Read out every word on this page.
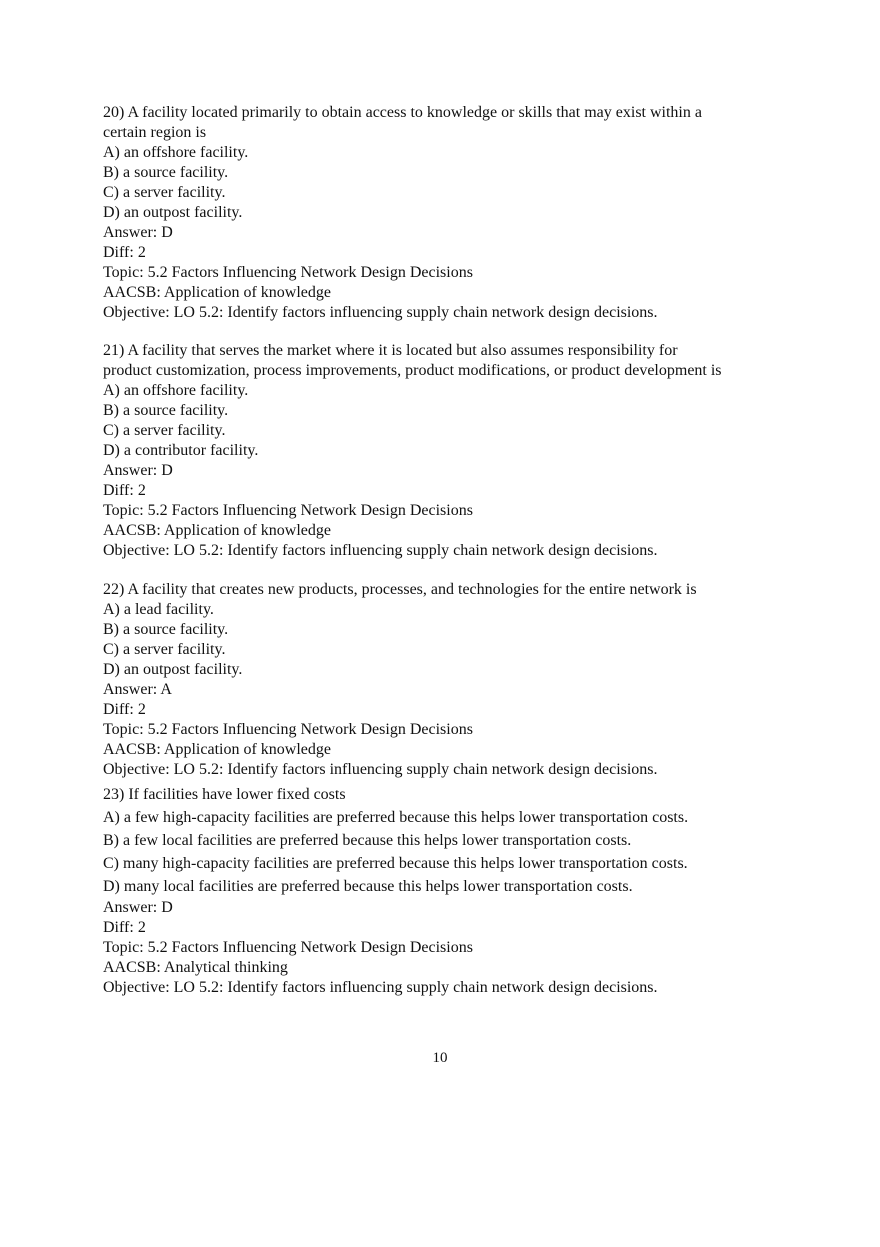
20) A facility located primarily to obtain access to knowledge or skills that may exist within a
certain region is
A) an offshore facility.
B) a source facility.
C) a server facility.
D) an outpost facility.
Answer: D
Diff: 2
Topic: 5.2 Factors Influencing Network Design Decisions
AACSB: Application of knowledge
Objective: LO 5.2: Identify factors influencing supply chain network design decisions.
21) A facility that serves the market where it is located but also assumes responsibility for
product customization, process improvements, product modifications, or product development is
A) an offshore facility.
B) a source facility.
C) a server facility.
D) a contributor facility.
Answer: D
Diff: 2
Topic: 5.2 Factors Influencing Network Design Decisions
AACSB: Application of knowledge
Objective: LO 5.2: Identify factors influencing supply chain network design decisions.
22) A facility that creates new products, processes, and technologies for the entire network is
A) a lead facility.
B) a source facility.
C) a server facility.
D) an outpost facility.
Answer: A
Diff: 2
Topic: 5.2 Factors Influencing Network Design Decisions
AACSB: Application of knowledge
Objective: LO 5.2: Identify factors influencing supply chain network design decisions.
23) If facilities have lower fixed costs
A) a few high-capacity facilities are preferred because this helps lower transportation costs.
B) a few local facilities are preferred because this helps lower transportation costs.
C) many high-capacity facilities are preferred because this helps lower transportation costs.
D) many local facilities are preferred because this helps lower transportation costs.
Answer: D
Diff: 2
Topic: 5.2 Factors Influencing Network Design Decisions
AACSB: Analytical thinking
Objective: LO 5.2: Identify factors influencing supply chain network design decisions.
10
